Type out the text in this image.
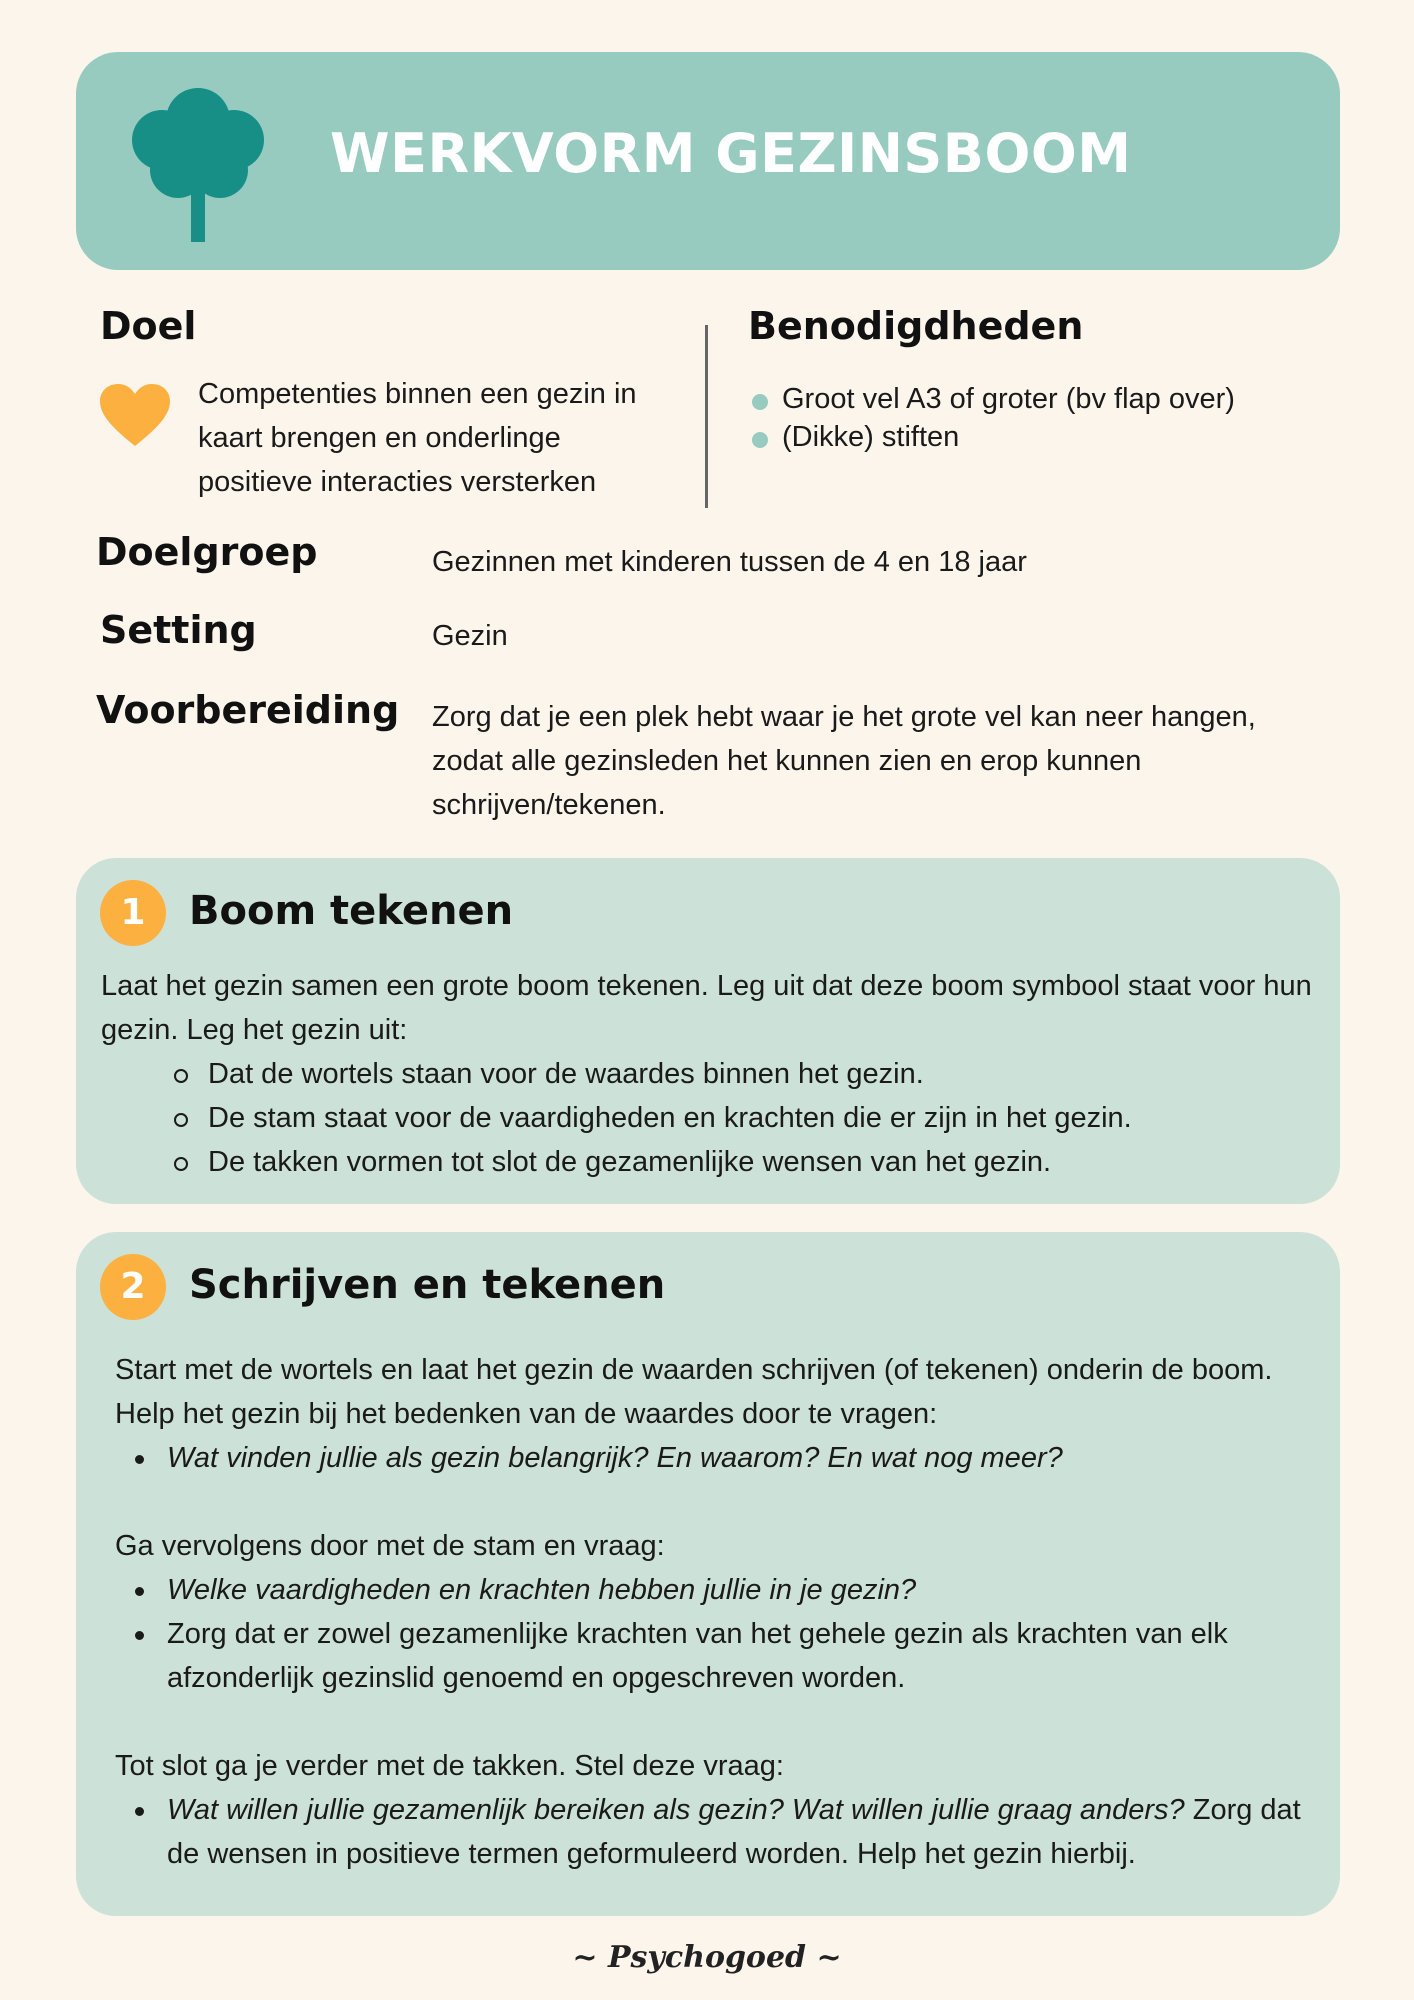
WERKVORM GEZINSBOOM
Doel
Competenties binnen een gezin in kaart brengen en onderlinge positieve interacties versterken
Benodigdheden
Groot vel A3 of groter (bv flap over)
(Dikke) stiften
Doelgroep	Gezinnen met kinderen tussen de 4 en 18 jaar
Setting	Gezin
Voorbereiding Zorg dat je een plek hebt waar je het grote vel kan neer hangen, zodat alle gezinsleden het kunnen zien en erop kunnen schrijven/tekenen.
1	Boom tekenen

Laat het gezin samen een grote boom tekenen. Leg uit dat deze boom symbool staat voor hun gezin. Leg het gezin uit:

Dat de wortels staan voor de waardes binnen het gezin.
De stam staat voor de vaardigheden en krachten die er zijn in het gezin.
De takken vormen tot slot de gezamenlijke wensen van het gezin.
2	Schrijven en tekenen

Start met de wortels en laat het gezin de waarden schrijven (of tekenen) onderin de boom. Help het gezin bij het bedenken van de waardes door te vragen:

Wat vinden jullie als gezin belangrijk? En waarom? En wat nog meer?

Ga vervolgens door met de stam en vraag:

Welke vaardigheden en krachten hebben jullie in je gezin?
Zorg dat er zowel gezamenlijke krachten van het gehele gezin als krachten van elk afzonderlijk gezinslid genoemd en opgeschreven worden.

Tot slot ga je verder met de takken. Stel deze vraag:

Wat willen jullie gezamenlijk bereiken als gezin? Wat willen jullie graag anders? Zorg dat de wensen in positieve termen geformuleerd worden. Help het gezin hierbij.
~ Psychogoed ~
